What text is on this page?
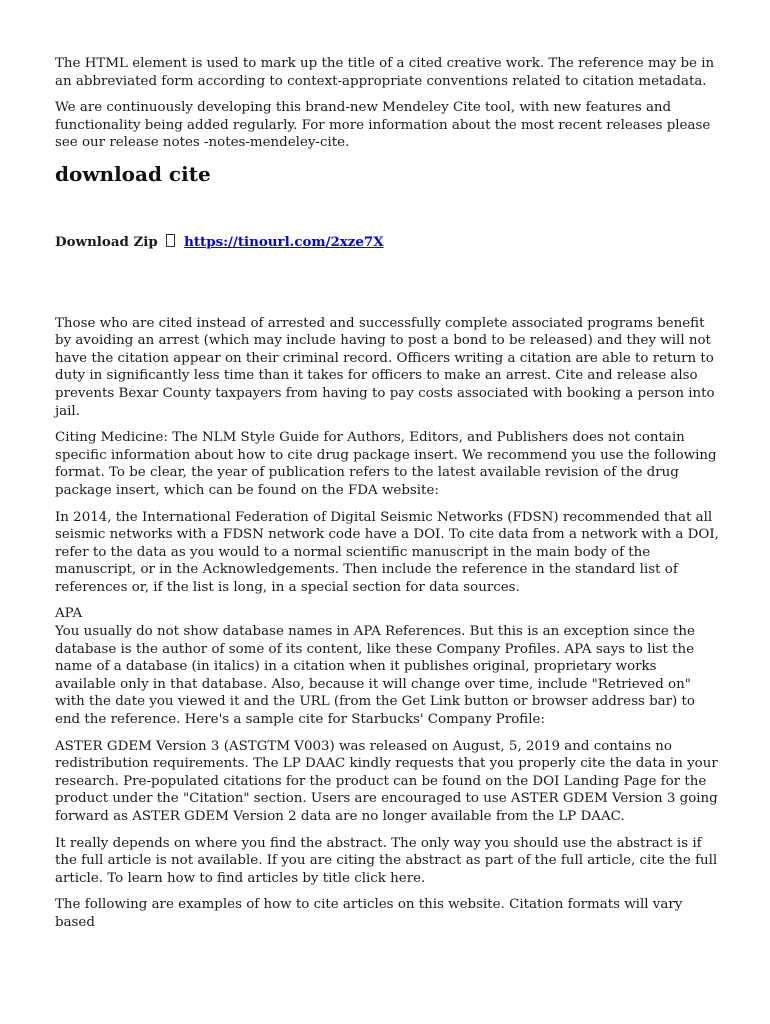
The HTML element is used to mark up the title of a cited creative work. The reference may be in an abbreviated form according to context-appropriate conventions related to citation metadata.

We are continuously developing this brand-new Mendeley Cite tool, with new features and functionality being added regularly. For more information about the most recent releases please see our release notes -notes-mendeley-cite.

download cite
Download Zip https://tinourl.com/2xze7X

Those who are cited instead of arrested and successfully complete associated programs benefit by avoiding an arrest (which may include having to post a bond to be released) and they will not have the citation appear on their criminal record. Officers writing a citation are able to return to duty in significantly less time than it takes for officers to make an arrest. Cite and release also prevents Bexar County taxpayers from having to pay costs associated with booking a person into jail.

Citing Medicine: The NLM Style Guide for Authors, Editors, and Publishers does not contain specific information about how to cite drug package insert. We recommend you use the following format. To be clear, the year of publication refers to the latest available revision of the drug package insert, which can be found on the FDA website:

In 2014, the International Federation of Digital Seismic Networks (FDSN) recommended that all seismic networks with a FDSN network code have a DOI. To cite data from a network with a DOI, refer to the data as you would to a normal scientific manuscript in the main body of the manuscript, or in the Acknowledgements. Then include the reference in the standard list of references or, if the list is long, in a special section for data sources.

APA
You usually do not show database names in APA References. But this is an exception since the database is the author of some of its content, like these Company Profiles. APA says to list the name of a database (in italics) in a citation when it publishes original, proprietary works available only in that database. Also, because it will change over time, include "Retrieved on" with the date you viewed it and the URL (from the Get Link button or browser address bar) to end the reference. Here's a sample cite for Starbucks' Company Profile:

ASTER GDEM Version 3 (ASTGTM V003) was released on August, 5, 2019 and contains no redistribution requirements. The LP DAAC kindly requests that you properly cite the data in your research. Pre-populated citations for the product can be found on the DOI Landing Page for the product under the "Citation" section. Users are encouraged to use ASTER GDEM Version 3 going forward as ASTER GDEM Version 2 data are no longer available from the LP DAAC.

It really depends on where you find the abstract. The only way you should use the abstract is if the full article is not available. If you are citing the abstract as part of the full article, cite the full article. To learn how to find articles by title click here.

The following are examples of how to cite articles on this website. Citation formats will vary based
